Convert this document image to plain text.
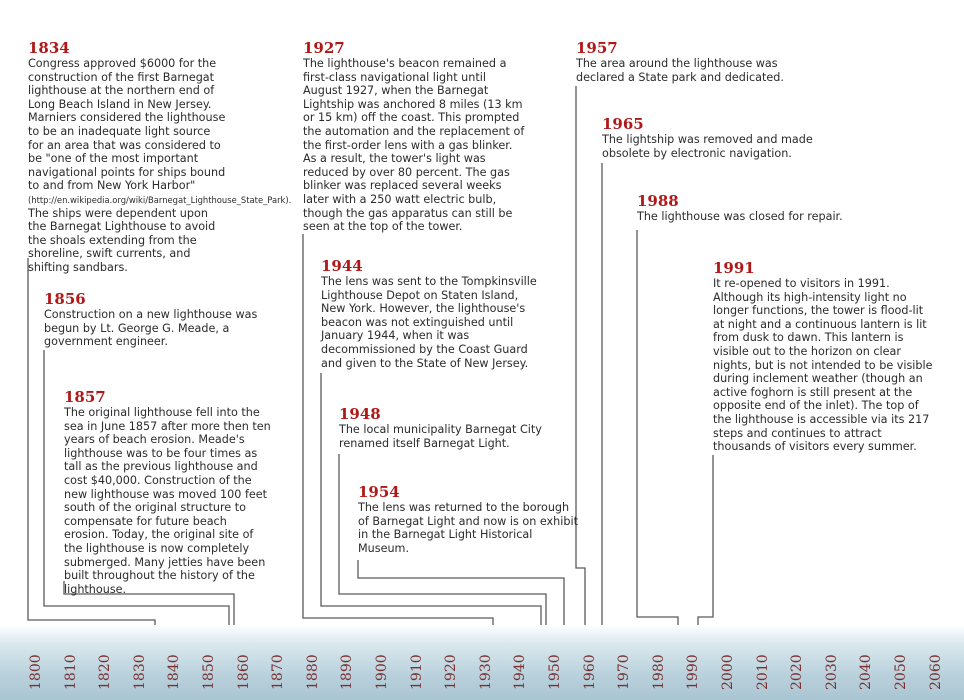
1834
Congress approved $6000 for the construction of the first Barnegat lighthouse at the northern end of Long Beach Island in New Jersey. Marniers considered the lighthouse to be an inadequate light source for an area that was considered to be "one of the most important navigational points for ships bound to and from New York Harbor" (http://en.wikipedia.org/wiki/Barnegat_Lighthouse_State_Park). The ships were dependent upon the Barnegat Lighthouse to avoid the shoals extending from the shoreline, swift currents, and shifting sandbars.
1856
Construction on a new lighthouse was begun by Lt. George G. Meade, a government engineer.
1857
The original lighthouse fell into the sea in June 1857 after more then ten years of beach erosion. Meade's lighthouse was to be four times as tall as the previous lighthouse and cost $40,000. Construction of the new lighthouse was moved 100 feet south of the original structure to compensate for future beach erosion. Today, the original site of the lighthouse is now completely submerged. Many jetties have been built throughout the history of the lighthouse.
1927
The lighthouse's beacon remained a first-class navigational light until August 1927, when the Barnegat Lightship was anchored 8 miles (13 km or 15 km) off the coast. This prompted the automation and the replacement of the first-order lens with a gas blinker. As a result, the tower's light was reduced by over 80 percent. The gas blinker was replaced several weeks later with a 250 watt electric bulb, though the gas apparatus can still be seen at the top of the tower.
1944
The lens was sent to the Tompkinsville Lighthouse Depot on Staten Island, New York. However, the lighthouse's beacon was not extinguished until January 1944, when it was decommissioned by the Coast Guard and given to the State of New Jersey.
1948
The local municipality Barnegat City renamed itself Barnegat Light.
1954
The lens was returned to the borough of Barnegat Light and now is on exhibit in the Barnegat Light Historical Museum.
1957
The area around the lighthouse was declared a State park and dedicated.
1965
The lightship was removed and made obsolete by electronic navigation.
1988
The lighthouse was closed for repair.
1991
It re-opened to visitors in 1991. Although its high-intensity light no longer functions, the tower is flood-lit at night and a continuous lantern is lit from dusk to dawn. This lantern is visible out to the horizon on clear nights, but is not intended to be visible during inclement weather (though an active foghorn is still present at the opposite end of the inlet). The top of the lighthouse is accessible via its 217 steps and continues to attract thousands of visitors every summer.
1800 1810 1820 1830 1840 1850 1860 1870 1880 1890 1900 1910 1920 1930 1940 1950 1960 1970 1980 1990 2000 2010 2020 2030 2040 2050 2060
